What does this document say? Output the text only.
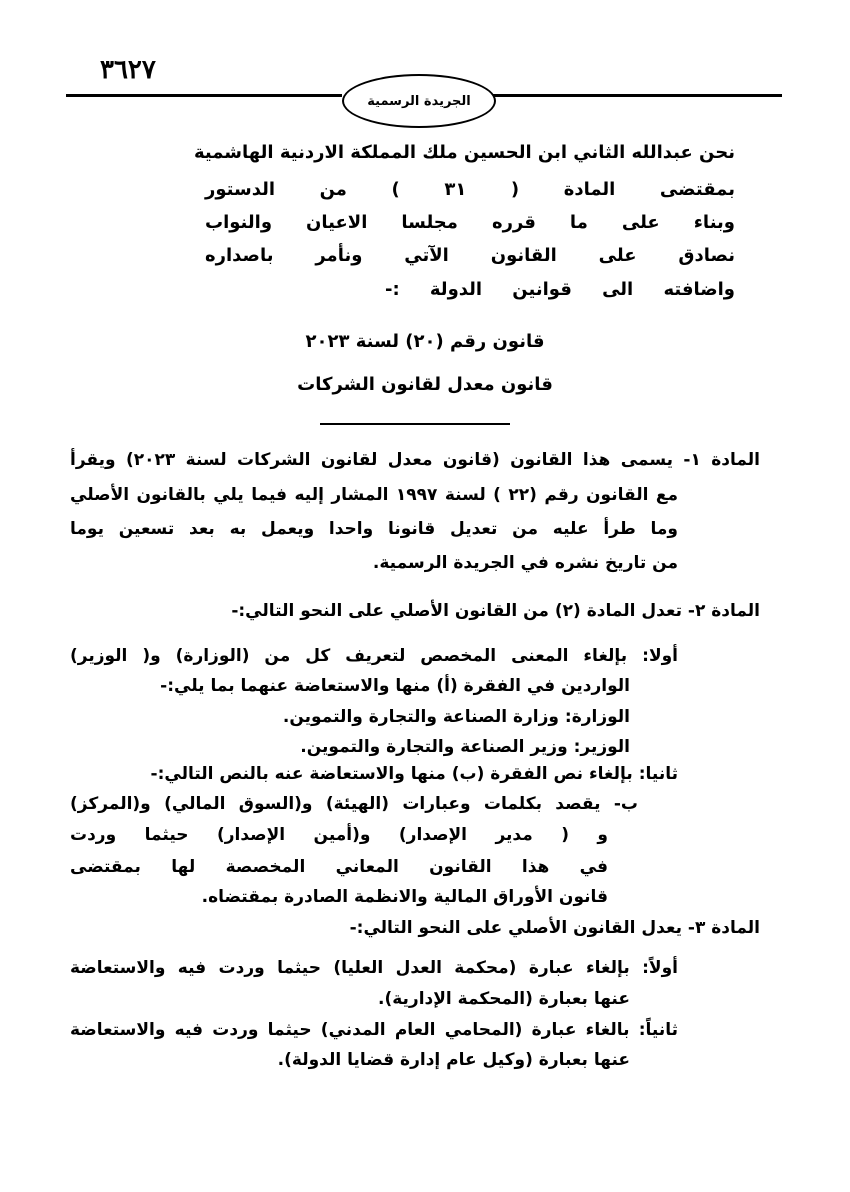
٣٦٢٧
الجريدة الرسمية
نحن عبدالله الثاني ابن الحسين ملك المملكة الاردنية الهاشمية
بمقتضى المادة ( ٣١ ) من الدستور
وبناء على ما قرره مجلسا الاعيان والنواب
نصادق على القانون الآتي ونأمر باصداره
واضافته الى قوانين الدولة :-
قانون رقم (٢٠) لسنة ٢٠٢٣
قانون معدل لقانون الشركات
المادة ١- يسمى هذا القانون (قانون معدل لقانون الشركات لسنة ٢٠٢٣) ويقرأ
مع القانون رقم (٢٢ ) لسنة ١٩٩٧ المشار إليه فيما يلي بالقانون الأصلي
وما طرأ عليه من تعديل قانونا واحدا ويعمل به بعد تسعين يوما
من تاريخ نشره في الجريدة الرسمية.
المادة ٢- تعدل المادة (٢) من القانون الأصلي على النحو التالي:-
أولا: بإلغاء المعنى المخصص لتعريف كل من (الوزارة) و( الوزير)
الواردين في الفقرة (أ) منها والاستعاضة عنهما بما يلي:-
الوزارة: وزارة الصناعة والتجارة والتموين.
الوزير: وزير الصناعة والتجارة والتموين.
ثانيا: بإلغاء نص الفقرة (ب) منها والاستعاضة عنه بالنص التالي:-
ب- يقصد بكلمات وعبارات (الهيئة) و(السوق المالي) و(المركز)
و ( مدير الإصدار) و(أمين الإصدار) حيثما وردت
في هذا القانون المعاني المخصصة لها بمقتضى
قانون الأوراق المالية والانظمة الصادرة بمقتضاه.
المادة ٣- يعدل القانون الأصلي على النحو التالي:-
أولاً: بإلغاء عبارة (محكمة العدل العليا) حيثما وردت فيه والاستعاضة
عنها بعبارة (المحكمة الإدارية).
ثانياً: بالغاء عبارة (المحامي العام المدني) حيثما وردت فيه والاستعاضة
عنها بعبارة (وكيل عام إدارة قضايا الدولة).
